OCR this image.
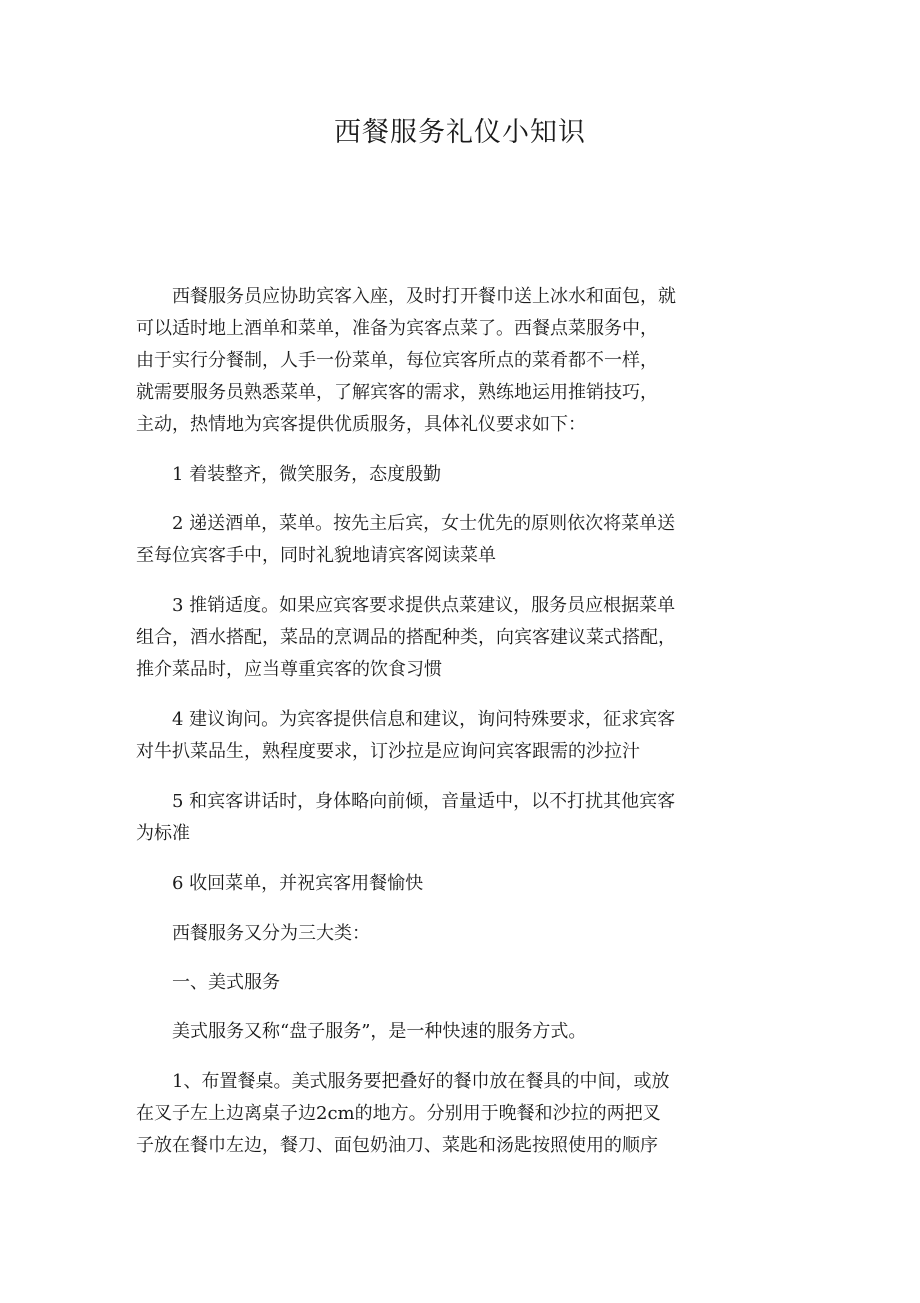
西餐服务礼仪小知识

西餐服务员应协助宾客入座，及时打开餐巾送上冰水和面包，就
可以适时地上酒单和菜单，准备为宾客点菜了。西餐点菜服务中，
由于实行分餐制，人手一份菜单，每位宾客所点的菜肴都不一样，
就需要服务员熟悉菜单，了解宾客的需求，熟练地运用推销技巧，
主动，热情地为宾客提供优质服务，具体礼仪要求如下：

1 着装整齐，微笑服务，态度殷勤

2 递送酒单，菜单。按先主后宾，女士优先的原则依次将菜单送
至每位宾客手中，同时礼貌地请宾客阅读菜单

3 推销适度。如果应宾客要求提供点菜建议，服务员应根据菜单
组合，酒水搭配，菜品的烹调品的搭配种类，向宾客建议菜式搭配，
推介菜品时，应当尊重宾客的饮食习惯

4 建议询问。为宾客提供信息和建议，询问特殊要求，征求宾客
对牛扒菜品生，熟程度要求，订沙拉是应询问宾客跟需的沙拉汁

5 和宾客讲话时，身体略向前倾，音量适中，以不打扰其他宾客
为标准

6 收回菜单，并祝宾客用餐愉快

西餐服务又分为三大类：

一、美式服务

美式服务又称“盘子服务”，是一种快速的服务方式。

1、布置餐桌。美式服务要把叠好的餐巾放在餐具的中间，或放
在叉子左上边离桌子边2cm的地方。分别用于晚餐和沙拉的两把叉
子放在餐巾左边，餐刀、面包奶油刀、菜匙和汤匙按照使用的顺序
